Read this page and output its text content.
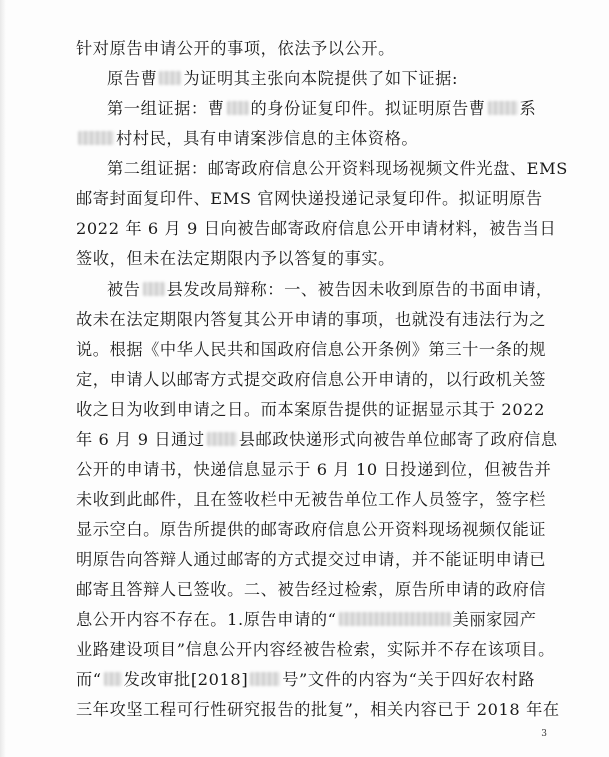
针对原告申请公开的事项，依法予以公开。
原告曹 为证明其主张向本院提供了如下证据:
第一组证据：曹 的身份证复印件。拟证明原告曹 系
村村民，具有申请案涉信息的主体资格。
第二组证据：邮寄政府信息公开资料现场视频文件光盘、EMS
邮寄封面复印件、EMS 官网快递投递记录复印件。拟证明原告
2022 年 6 月 9 日向被告邮寄政府信息公开申请材料，被告当日
签收，但未在法定期限内予以答复的事实。
被告 县发改局辩称：一、被告因未收到原告的书面申请，
故未在法定期限内答复其公开申请的事项，也就没有违法行为之
说。根据《中华人民共和国政府信息公开条例》第三十一条的规
定，申请人以邮寄方式提交政府信息公开申请的，以行政机关签
收之日为收到申请之日。而本案原告提供的证据显示其于 2022
年 6 月 9 日通过 县邮政快递形式向被告单位邮寄了政府信息
公开的申请书，快递信息显示于 6 月 10 日投递到位，但被告并
未收到此邮件，且在签收栏中无被告单位工作人员签字，签字栏
显示空白。原告所提供的邮寄政府信息公开资料现场视频仅能证
明原告向答辩人通过邮寄的方式提交过申请，并不能证明申请已
邮寄且答辩人已签收。二、被告经过检索，原告所申请的政府信
息公开内容不存在。1.原告申请的“	美丽家园产
业路建设项目”信息公开内容经被告检索，实际并不存在该项目。
而“ 发改审批[2018] 号”文件的内容为“关于四好农村路
三年攻坚工程可行性研究报告的批复”，相关内容已于 2018 年在
3
